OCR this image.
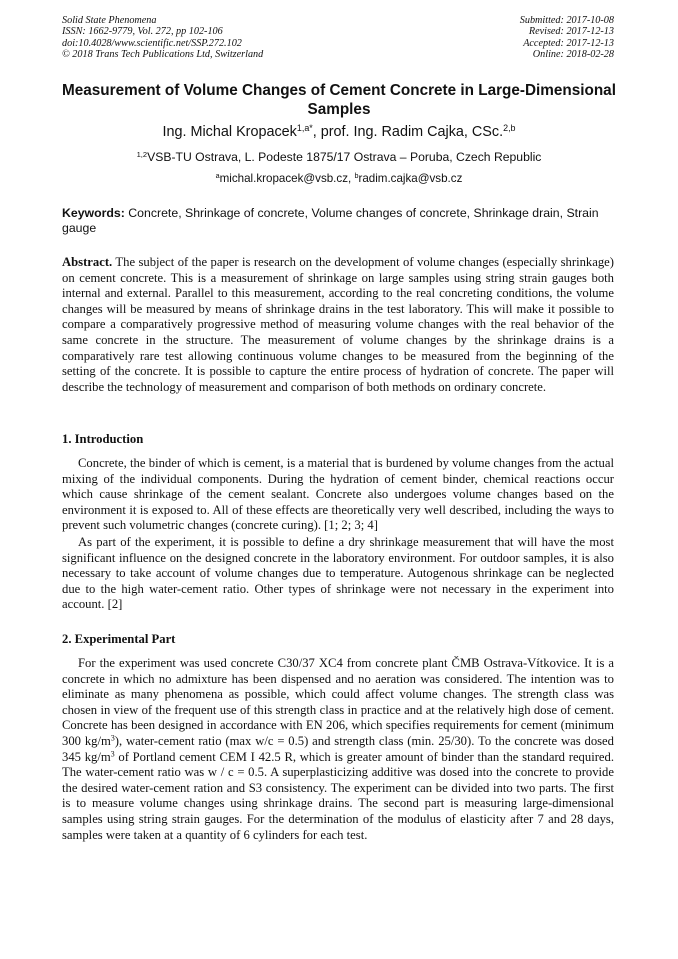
Solid State Phenomena
ISSN: 1662-9779, Vol. 272, pp 102-106
doi:10.4028/www.scientific.net/SSP.272.102
© 2018 Trans Tech Publications Ltd, Switzerland
Submitted: 2017-10-08
Revised: 2017-12-13
Accepted: 2017-12-13
Online: 2018-02-28
Measurement of Volume Changes of Cement Concrete in Large-Dimensional Samples
Ing. Michal Kropacek$^{1,a*}$, prof. Ing. Radim Cajka, CSc.$^{2,b}$
$^{1,2}$VSB-TU Ostrava, L. Podeste 1875/17 Ostrava – Poruba, Czech Republic
$^a$michal.kropacek@vsb.cz, $^b$radim.cajka@vsb.cz
Keywords: Concrete, Shrinkage of concrete, Volume changes of concrete, Shrinkage drain, Strain gauge

Abstract. The subject of the paper is research on the development of volume changes (especially shrinkage) on cement concrete. This is a measurement of shrinkage on large samples using string strain gauges both internal and external. Parallel to this measurement, according to the real concreting conditions, the volume changes will be measured by means of shrinkage drains in the test laboratory. This will make it possible to compare a comparatively progressive method of measuring volume changes with the real behavior of the same concrete in the structure. The measurement of volume changes by the shrinkage drains is a comparatively rare test allowing continuous volume changes to be measured from the beginning of the setting of the concrete. It is possible to capture the entire process of hydration of concrete. The paper will describe the technology of measurement and comparison of both methods on ordinary concrete.

1. Introduction

Concrete, the binder of which is cement, is a material that is burdened by volume changes from the actual mixing of the individual components. During the hydration of cement binder, chemical reactions occur which cause shrinkage of the cement sealant. Concrete also undergoes volume changes based on the environment it is exposed to. All of these effects are theoretically very well described, including the ways to prevent such volumetric changes (concrete curing). [1; 2; 3; 4]

As part of the experiment, it is possible to define a dry shrinkage measurement that will have the most significant influence on the designed concrete in the laboratory environment. For outdoor samples, it is also necessary to take account of volume changes due to temperature. Autogenous shrinkage can be neglected due to the high water-cement ratio. Other types of shrinkage were not necessary in the experiment into account. [2]

2. Experimental Part

For the experiment was used concrete C30/37 XC4 from concrete plant ČMB Ostrava-Vítkovice. It is a concrete in which no admixture has been dispensed and no aeration was considered. The intention was to eliminate as many phenomena as possible, which could affect volume changes. The strength class was chosen in view of the frequent use of this strength class in practice and at the relatively high dose of cement. Concrete has been designed in accordance with EN 206, which specifies requirements for cement (minimum 300 $kg/m^3$), water-cement ratio (max w/c = 0.5) and strength class (min. 25/30). To the concrete was dosed 345 $kg/m^3$ of Portland cement CEM I 42.5 R, which is greater amount of binder than the standard required. The water-cement ratio was w / c = 0.5. A superplasticizing additive was dosed into the concrete to provide the desired water-cement ration and S3 consistency. The experiment can be divided into two parts. The first is to measure volume changes using shrinkage drains. The second part is measuring large-dimensional samples using string strain gauges. For the determination of the modulus of elasticity after 7 and 28 days, samples were taken at a quantity of 6 cylinders for each test.
